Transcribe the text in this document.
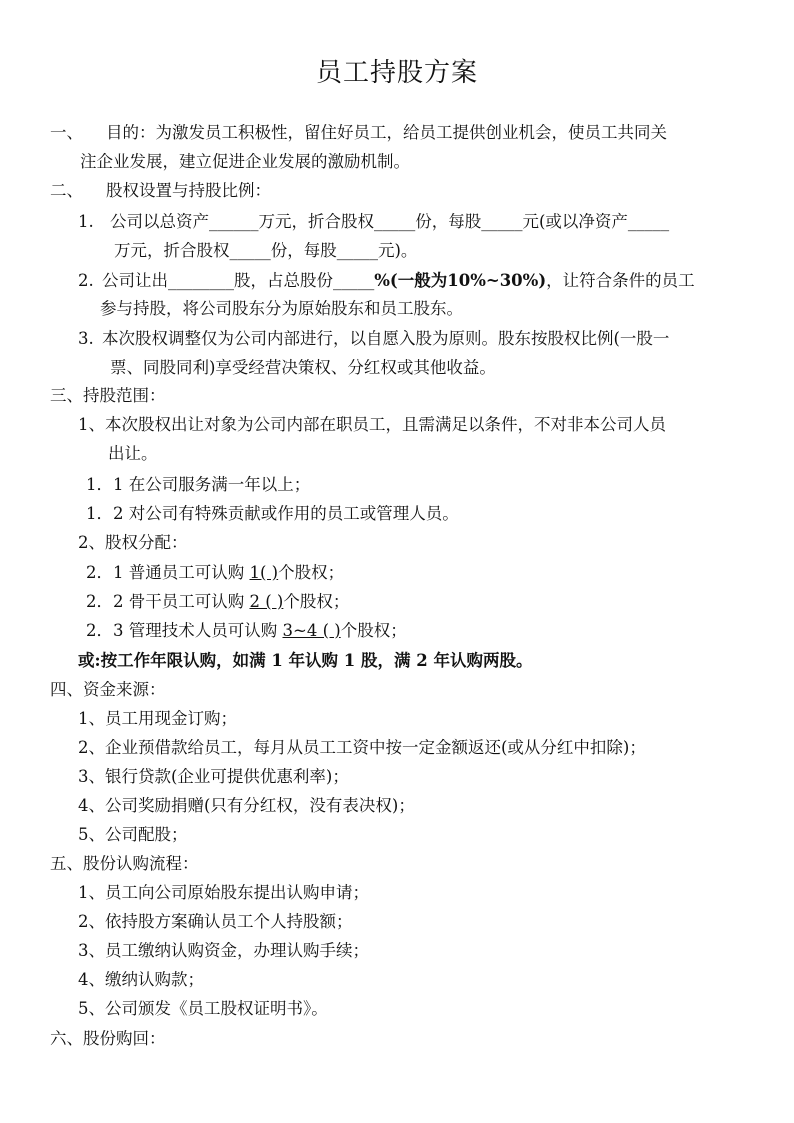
员工持股方案
一、 目的：为激发员工积极性，留住好员工，给员工提供创业机会，使员工共同关
注企业发展，建立促进企业发展的激励机制。
二、 股权设置与持股比例：
1. 公司以总资产______万元，折合股权_____份，每股_____元(或以净资产_____
万元，折合股权_____份，每股_____元)。
2. 公司让出________股，占总股份_____%(一般为10%~30%)，让符合条件的员工
参与持股，将公司股东分为原始股东和员工股东。
3. 本次股权调整仅为公司内部进行，以自愿入股为原则。股东按股权比例(一股一
票、同股同利)享受经营决策权、分红权或其他收益。
三、持股范围：
1、本次股权出让对象为公司内部在职员工，且需满足以条件，不对非本公司人员
出让。
1．1 在公司服务满一年以上；
1．2 对公司有特殊贡献或作用的员工或管理人员。
2、股权分配：
2．1 普通员工可认购 1( )个股权；
2．2 骨干员工可认购 2 ( )个股权；
2．3 管理技术人员可认购 3~4 ( )个股权；
或:按工作年限认购，如满 1 年认购 1 股，满 2 年认购两股。
四、资金来源：
1、员工用现金订购；
2、企业预借款给员工，每月从员工工资中按一定金额返还(或从分红中扣除)；
3、银行贷款(企业可提供优惠利率)；
4、公司奖励捐赠(只有分红权，没有表决权)；
5、公司配股；
五、股份认购流程：
1、员工向公司原始股东提出认购申请；
2、依持股方案确认员工个人持股额；
3、员工缴纳认购资金，办理认购手续；
4、缴纳认购款；
5、公司颁发《员工股权证明书》。
六、股份购回：
